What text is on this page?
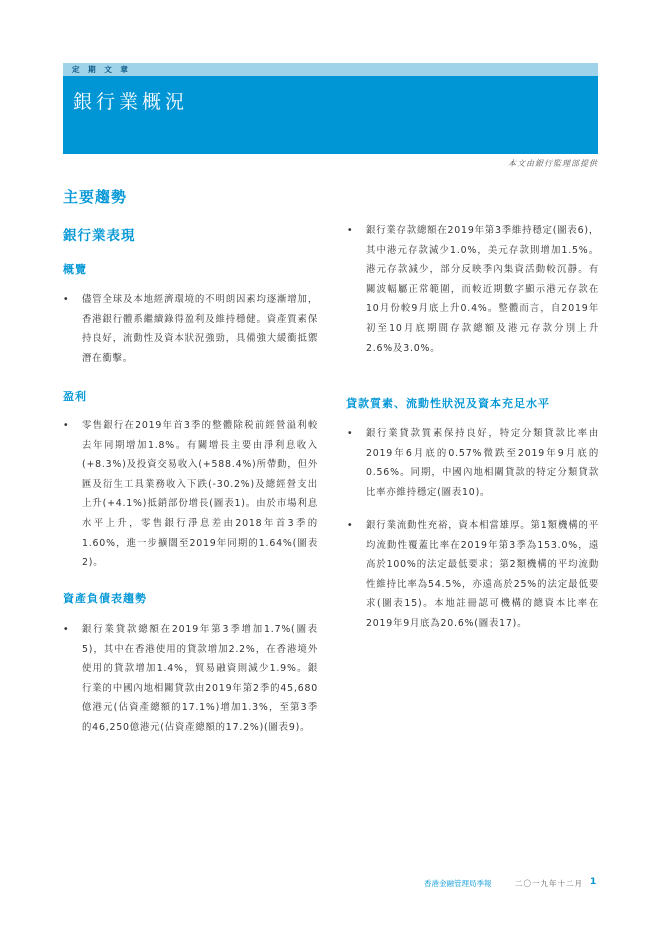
定 期 文 章
銀行業概況
本文由銀行監理部提供
主要趨勢
銀行業表現
概覽
• 儘管全球及本地經濟環境的不明朗因素均逐漸增加，香港銀行體系繼續錄得盈利及維持穩健。資產質素保持良好，流動性及資本狀況強勁，具備強大緩衝抵禦潛在衝擊。
盈利
• 零售銀行在2019年首3季的整體除税前經營溢利較去年同期增加1.8%。有關增長主要由淨利息收入(+8.3%)及投資交易收入(+588.4%)所帶動，但外匯及衍生工具業務收入下跌(-30.2%)及總經營支出上升(+4.1%)抵銷部份增長(圖表1)。由於市場利息水平上升，零售銀行淨息差由2018年首3季的1.60%，進一步擴闊至2019年同期的1.64%(圖表2)。
資產負債表趨勢
• 銀行業貸款總額在2019年第3季增加1.7%(圖表5)，其中在香港使用的貸款增加2.2%，在香港境外使用的貸款增加1.4%，貿易融資則減少1.9%。銀行業的中國內地相關貸款由2019年第2季的45,680億港元(佔資產總額的17.1%)增加1.3%，至第3季的46,250億港元(佔資產總額的17.2%)(圖表9)。
• 銀行業存款總額在2019年第3季維持穩定(圖表6)，其中港元存款減少1.0%，美元存款則增加1.5%。港元存款減少，部分反映季內集資活動較沉靜。有關波幅屬正常範圍，而較近期數字顯示港元存款在10月份較9月底上升0.4%。整體而言，自2019年初至10月底期間存款總額及港元存款分別上升2.6%及3.0%。
貸款質素、流動性狀況及資本充足水平
• 銀行業貸款質素保持良好，特定分類貸款比率由2019年6月底的0.57%微跌至2019年9月底的0.56%。同期，中國內地相關貸款的特定分類貸款比率亦維持穩定(圖表10)。
• 銀行業流動性充裕，資本相當雄厚。第1類機構的平均流動性覆蓋比率在2019年第3季為153.0%，遠高於100%的法定最低要求；第2類機構的平均流動性維持比率為54.5%，亦遠高於25%的法定最低要求(圖表15)。本地註冊認可機構的總資本比率在2019年9月底為20.6%(圖表17)。
香港金融管理局季報	二〇一九年十二月 1
